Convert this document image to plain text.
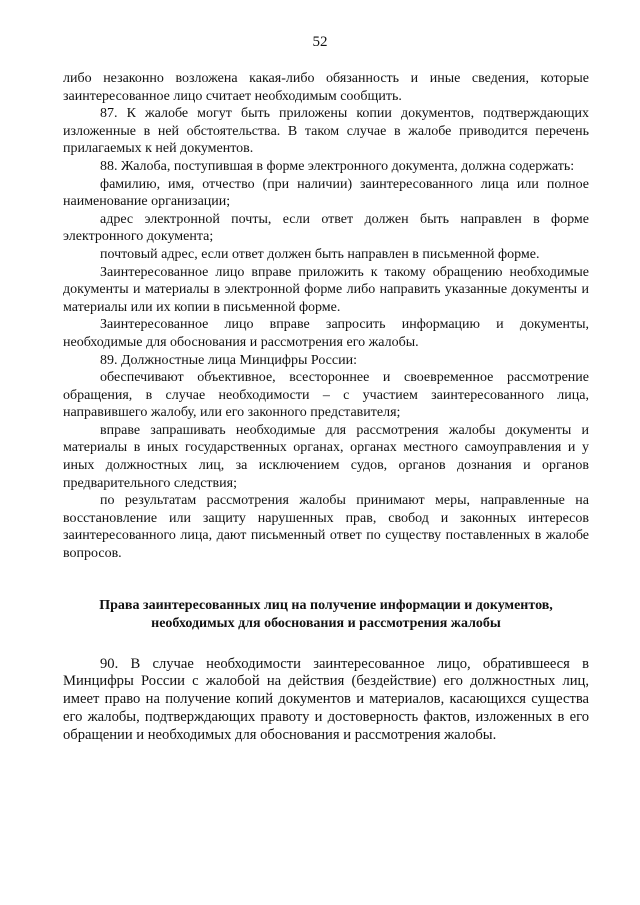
52

либо незаконно возложена какая-либо обязанность и иные сведения, которые заинтересованное лицо считает необходимым сообщить.

87. К жалобе могут быть приложены копии документов, подтверждающих изложенные в ней обстоятельства. В таком случае в жалобе приводится перечень прилагаемых к ней документов.

88. Жалоба, поступившая в форме электронного документа, должна содержать:

фамилию, имя, отчество (при наличии) заинтересованного лица или полное наименование организации;

адрес электронной почты, если ответ должен быть направлен в форме электронного документа;

почтовый адрес, если ответ должен быть направлен в письменной форме.

Заинтересованное лицо вправе приложить к такому обращению необходимые документы и материалы в электронной форме либо направить указанные документы и материалы или их копии в письменной форме.

Заинтересованное лицо вправе запросить информацию и документы, необходимые для обоснования и рассмотрения его жалобы.

89. Должностные лица Минцифры России:

обеспечивают объективное, всестороннее и своевременное рассмотрение обращения, в случае необходимости – с участием заинтересованного лица, направившего жалобу, или его законного представителя;

вправе запрашивать необходимые для рассмотрения жалобы документы и материалы в иных государственных органах, органах местного самоуправления и у иных должностных лиц, за исключением судов, органов дознания и органов предварительного следствия;

по результатам рассмотрения жалобы принимают меры, направленные на восстановление или защиту нарушенных прав, свобод и законных интересов заинтересованного лица, дают письменный ответ по существу поставленных в жалобе вопросов.

Права заинтересованных лиц на получение информации и документов,
необходимых для обоснования и рассмотрения жалобы

90. В случае необходимости заинтересованное лицо, обратившееся в Минцифры России с жалобой на действия (бездействие) его должностных лиц, имеет право на получение копий документов и материалов, касающихся существа его жалобы, подтверждающих правоту и достоверность фактов, изложенных в его обращении и необходимых для обоснования и рассмотрения жалобы.
